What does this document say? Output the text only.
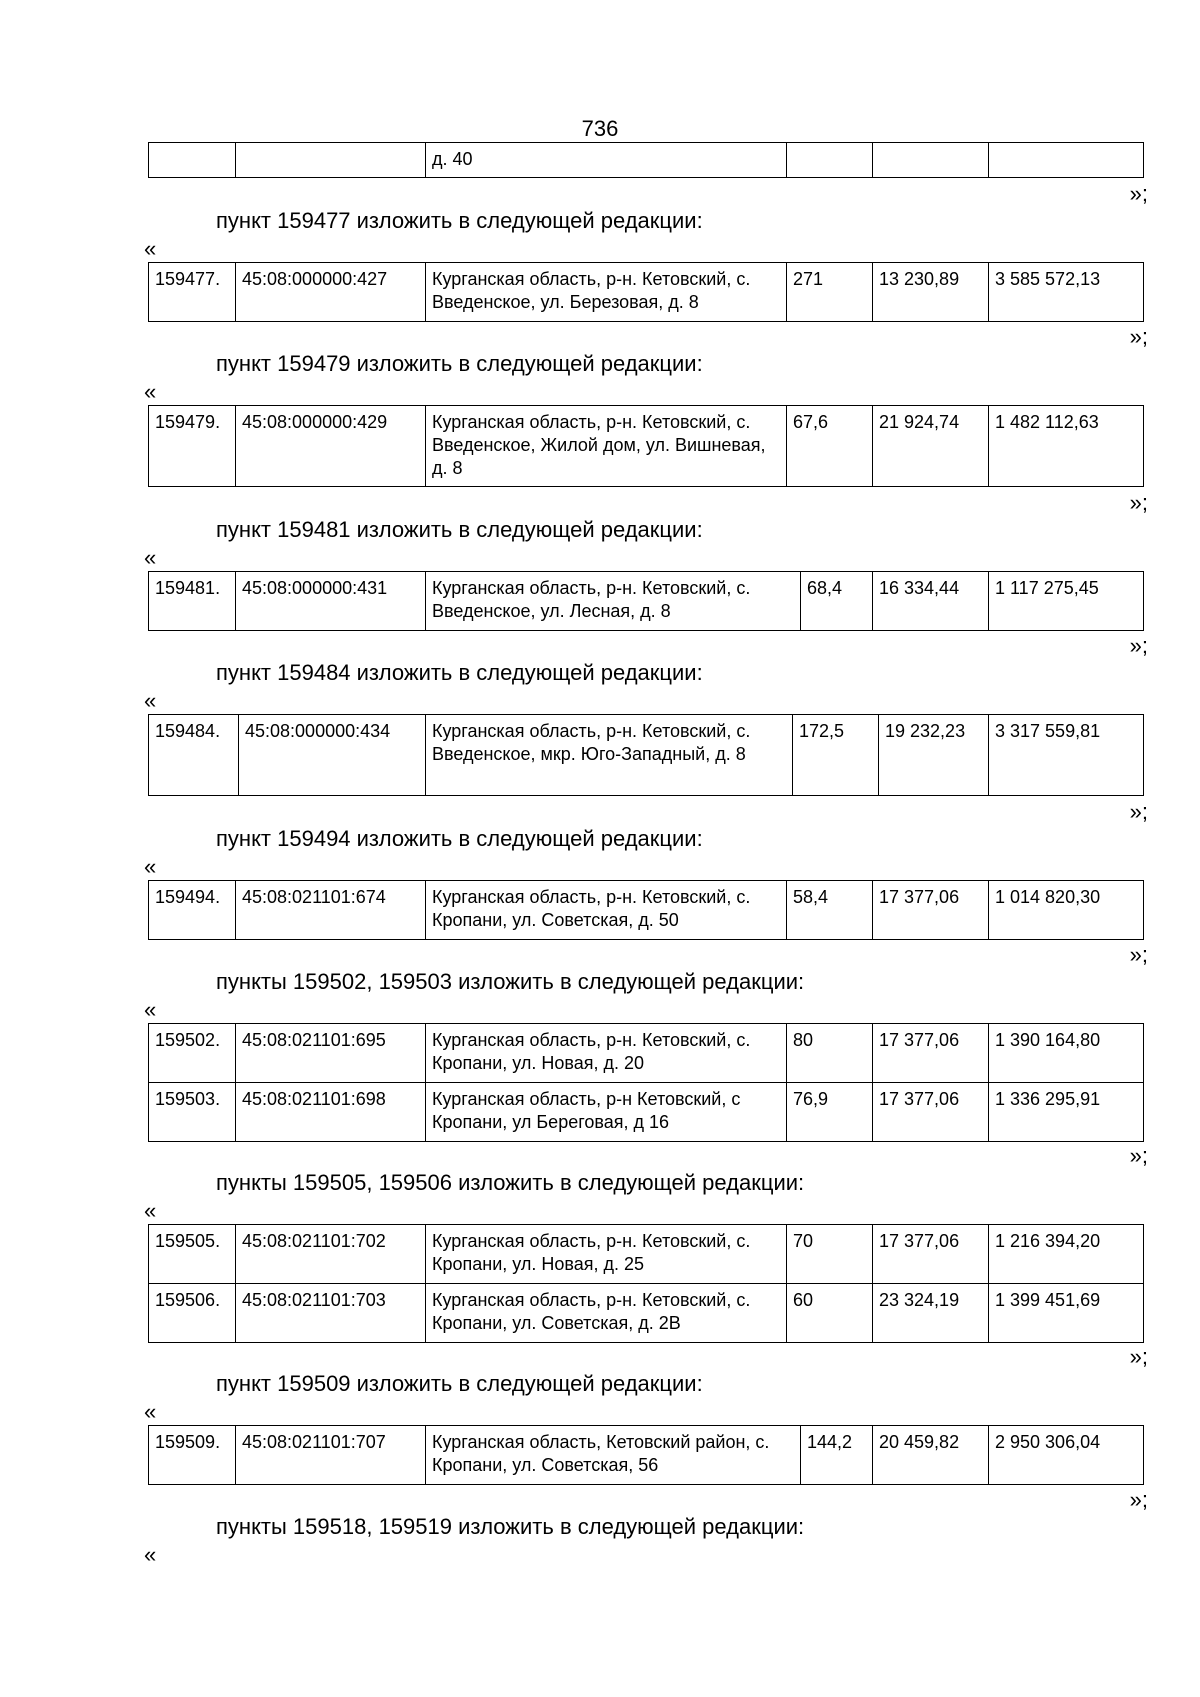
736
		д. 40			
»;
пункт 159477 изложить в следующей редакции:
«
159477.	45:08:000000:427	Курганская область, р-н. Кетовский, с. Введенское, ул. Березовая, д. 8	271	13 230,89	3 585 572,13
»;
пункт 159479 изложить в следующей редакции:
«
159479.	45:08:000000:429	Курганская область, р-н. Кетовский, с. Введенское, Жилой дом, ул. Вишневая, д. 8	67,6	21 924,74	1 482 112,63
»;
пункт 159481 изложить в следующей редакции:
«
159481.	45:08:000000:431	Курганская область, р-н. Кетовский, с. Введенское, ул. Лесная, д. 8	68,4	16 334,44	1 117 275,45
»;
пункт 159484 изложить в следующей редакции:
«
159484.	45:08:000000:434	Курганская область, р-н. Кетовский, с. Введенское, мкр. Юго-Западный, д. 8	172,5	19 232,23	3 317 559,81
»;
пункт 159494 изложить в следующей редакции:
«
159494.	45:08:021101:674	Курганская область, р-н. Кетовский, с. Кропани, ул. Советская, д. 50	58,4	17 377,06	1 014 820,30
»;
пункты 159502, 159503 изложить в следующей редакции:
«
159502.	45:08:021101:695	Курганская область, р-н. Кетовский, с. Кропани, ул. Новая, д. 20	80	17 377,06	1 390 164,80
159503.	45:08:021101:698	Курганская область, р-н Кетовский, с Кропани, ул Береговая, д 16	76,9	17 377,06	1 336 295,91
»;
пункты 159505, 159506 изложить в следующей редакции:
«
159505.	45:08:021101:702	Курганская область, р-н. Кетовский, с. Кропани, ул. Новая, д. 25	70	17 377,06	1 216 394,20
159506.	45:08:021101:703	Курганская область, р-н. Кетовский, с. Кропани, ул. Советская, д. 2В	60	23 324,19	1 399 451,69
»;
пункт 159509 изложить в следующей редакции:
«
159509.	45:08:021101:707	Курганская область, Кетовский район, с. Кропани, ул. Советская, 56	144,2	20 459,82	2 950 306,04
»;
пункты 159518, 159519 изложить в следующей редакции:
«
